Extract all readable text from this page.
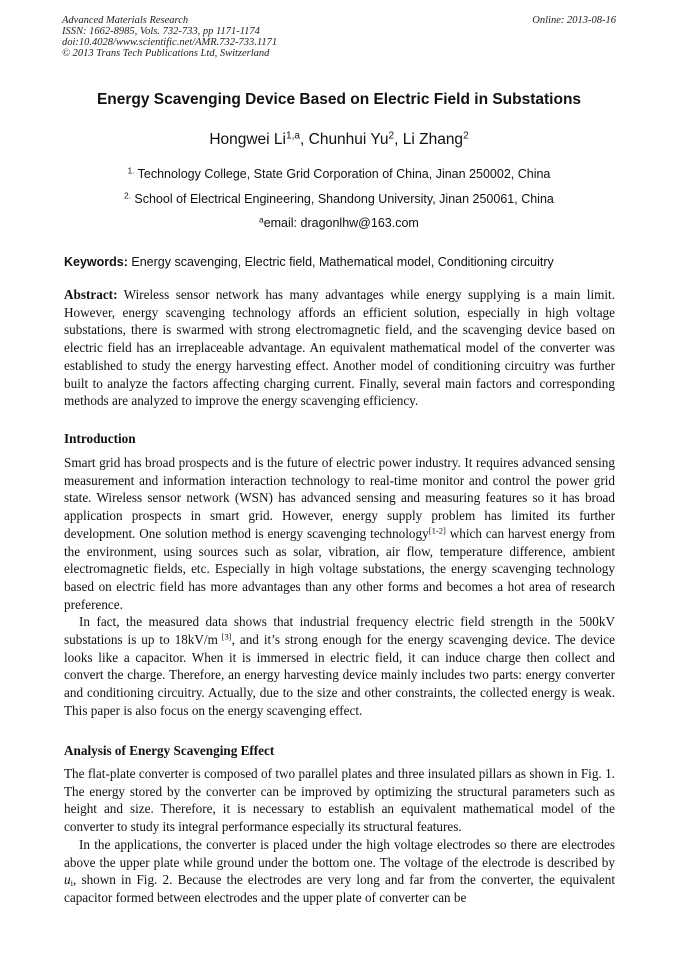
Advanced Materials Research
ISSN: 1662-8985, Vols. 732-733, pp 1171-1174
doi:10.4028/www.scientific.net/AMR.732-733.1171
© 2013 Trans Tech Publications Ltd, Switzerland
Online: 2013-08-16
Energy Scavenging Device Based on Electric Field in Substations
Hongwei Li$^{1,a}$, Chunhui Yu$^2$, Li Zhang$^2$
$^{1.}$ Technology College, State Grid Corporation of China, Jinan 250002, China
$^{2.}$ School of Electrical Engineering, Shandong University, Jinan 250061, China
$^a$email: dragonlhw@163.com
Keywords: Energy scavenging, Electric field, Mathematical model, Conditioning circuitry

Abstract: Wireless sensor network has many advantages while energy supplying is a main limit. However, energy scavenging technology affords an efficient solution, especially in high voltage substations, there is swarmed with strong electromagnetic field, and the scavenging device based on electric field has an irreplaceable advantage. An equivalent mathematical model of the converter was established to study the energy harvesting effect. Another model of conditioning circuitry was further built to analyze the factors affecting charging current. Finally, several main factors and corresponding methods are analyzed to improve the energy scavenging efficiency.

Introduction

Smart grid has broad prospects and is the future of electric power industry. It requires advanced sensing measurement and information interaction technology to real-time monitor and control the power grid state. Wireless sensor network (WSN) has advanced sensing and measuring features so it has broad application prospects in smart grid. However, energy supply problem has limited its further development. One solution method is energy scavenging technology[1-2] which can harvest energy from the environment, using sources such as solar, vibration, air flow, temperature difference, ambient electromagnetic fields, etc. Especially in high voltage substations, the energy scavenging technology based on electric field has more advantages than any other forms and becomes a hot area of research preference.

In fact, the measured data shows that industrial frequency electric field strength in the 500kV substations is up to 18kV/m [3], and it’s strong enough for the energy scavenging device. The device looks like a capacitor. When it is immersed in electric field, it can induce charge then collect and convert the charge. Therefore, an energy harvesting device mainly includes two parts: energy converter and conditioning circuitry. Actually, due to the size and other constraints, the collected energy is weak. This paper is also focus on the energy scavenging effect.

Analysis of Energy Scavenging Effect

The flat-plate converter is composed of two parallel plates and three insulated pillars as shown in Fig. 1. The energy stored by the converter can be improved by optimizing the structural parameters such as height and size. Therefore, it is necessary to establish an equivalent mathematical model of the converter to study its integral performance especially its structural features.

In the applications, the converter is placed under the high voltage electrodes so there are electrodes above the upper plate while ground under the bottom one. The voltage of the electrode is described by $u_i$, shown in Fig. 2. Because the electrodes are very long and far from the converter, the equivalent capacitor formed between electrodes and the upper plate of converter can be
